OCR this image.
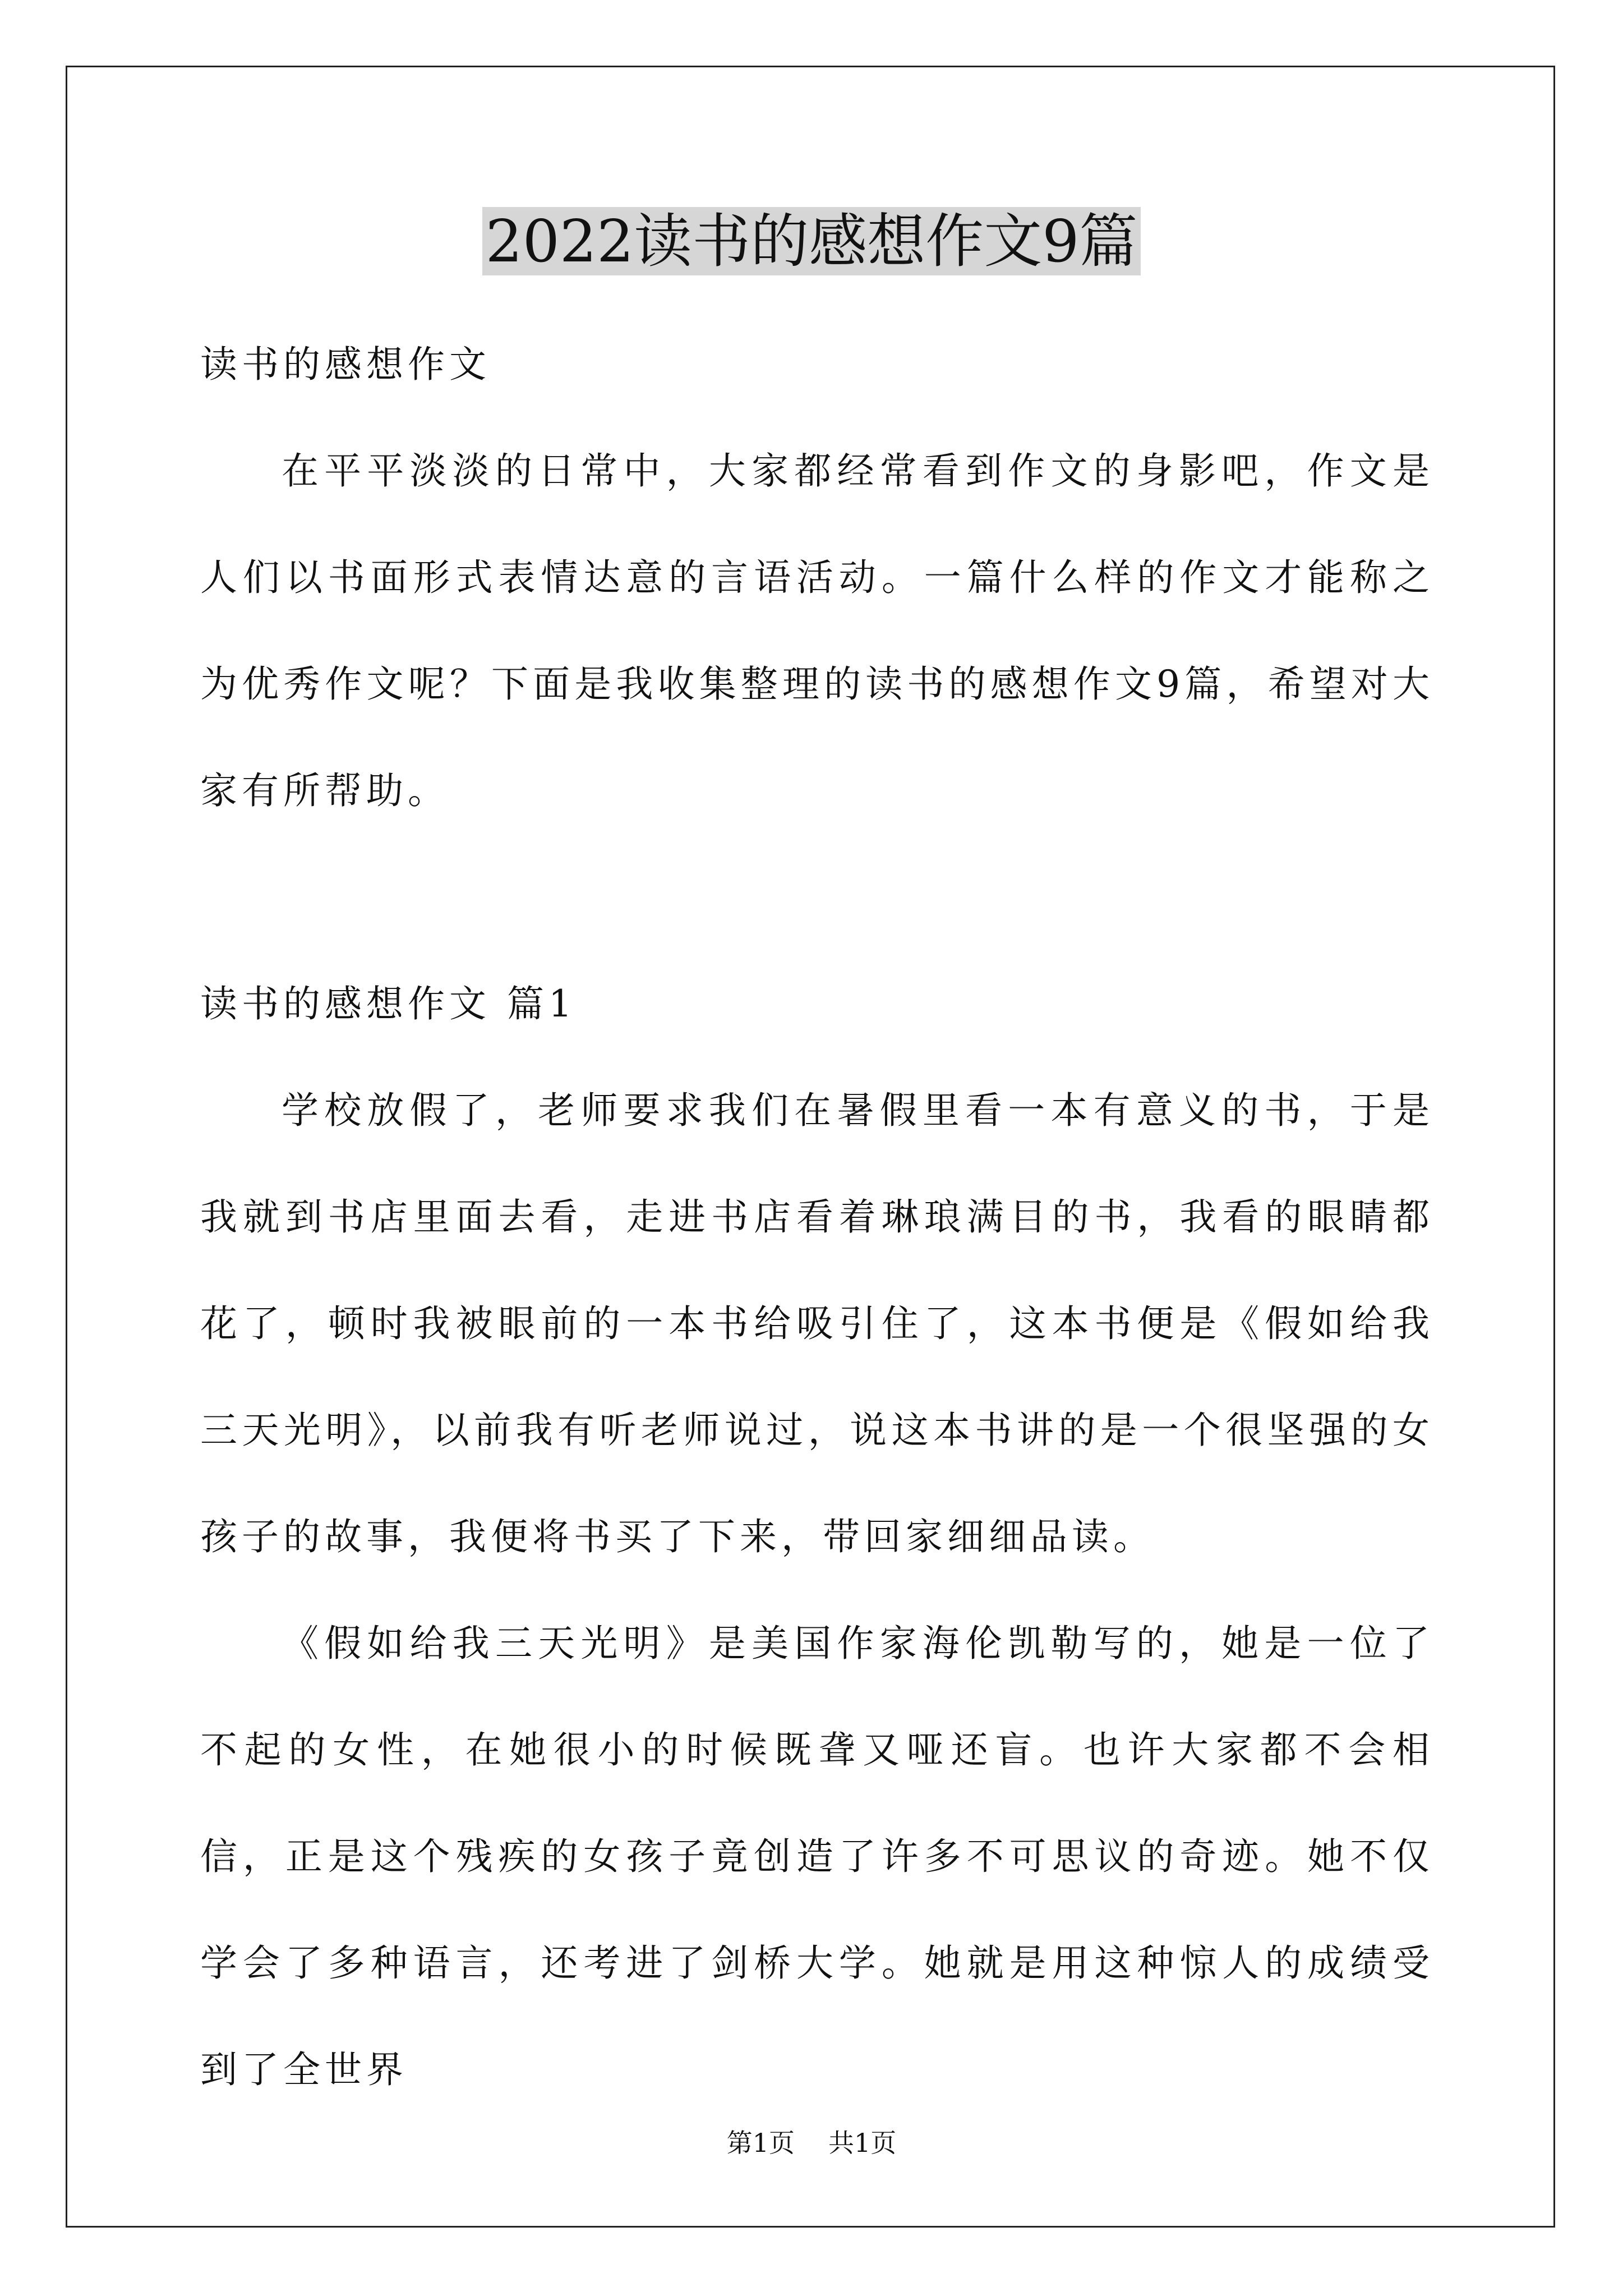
2022读书的感想作文9篇

读书的感想作文

在平平淡淡的日常中，大家都经常看到作文的身影吧，作文是人们以书面形式表情达意的言语活动。一篇什么样的作文才能称之为优秀作文呢？下面是我收集整理的读书的感想作文9篇，希望对大家有所帮助。

读书的感想作文 篇1

学校放假了，老师要求我们在暑假里看一本有意义的书，于是我就到书店里面去看，走进书店看着琳琅满目的书，我看的眼睛都花了，顿时我被眼前的一本书给吸引住了，这本书便是《假如给我三天光明》，以前我有听老师说过，说这本书讲的是一个很坚强的女孩子的故事，我便将书买了下来，带回家细细品读。

《假如给我三天光明》是美国作家海伦凯勒写的，她是一位了不起的女性，在她很小的时候既聋又哑还盲。也许大家都不会相信，正是这个残疾的女孩子竟创造了许多不可思议的奇迹。她不仅学会了多种语言，还考进了剑桥大学。她就是用这种惊人的成绩受到了全世界

第1页 共1页
